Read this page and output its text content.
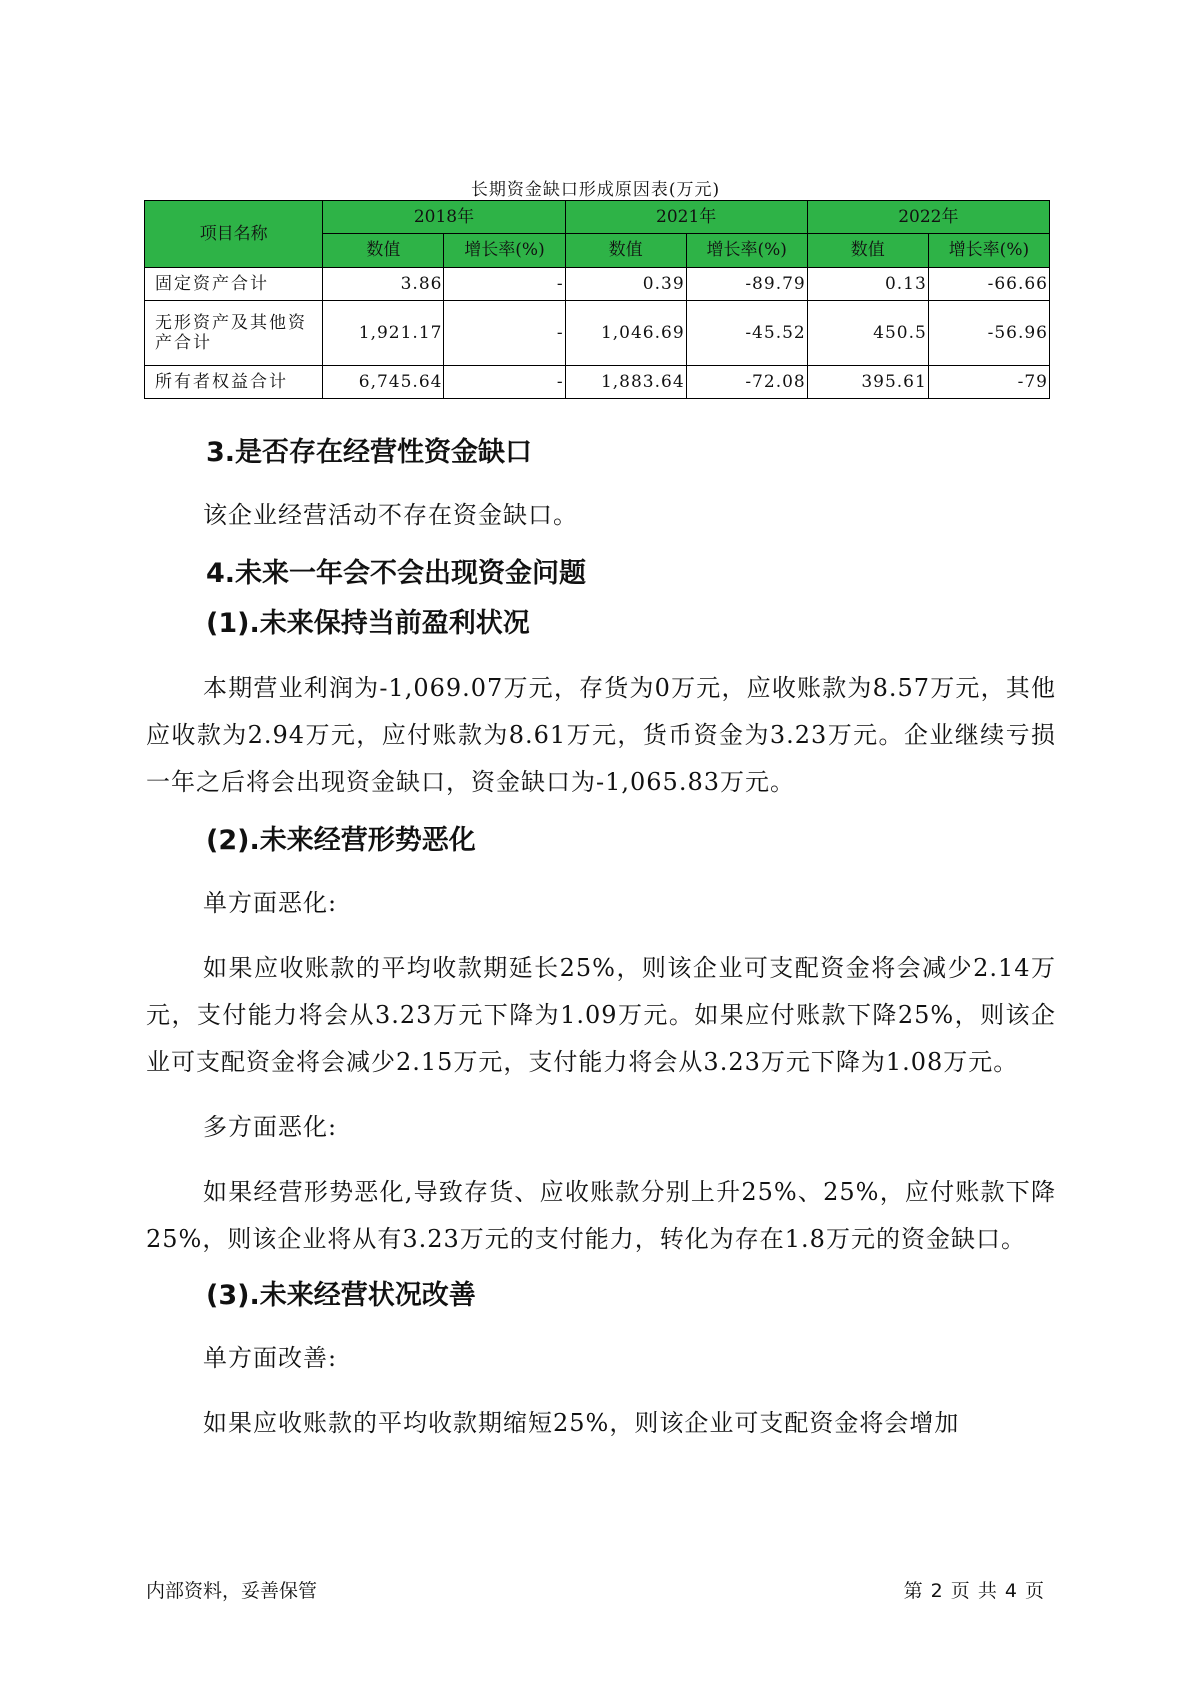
长期资金缺口形成原因表(万元)
项目名称	2018年		2021年		2022年	
	数值	增长率(%)	数值	增长率(%)	数值	增长率(%)
固定资产合计	3.86	-	0.39	-89.79	0.13	-66.66
无形资产及其他资产合计	1,921.17	-	1,046.69	-45.52	450.5	-56.96
所有者权益合计	6,745.64	-	1,883.64	-72.08	395.61	-79
3.是否存在经营性资金缺口

该企业经营活动不存在资金缺口。

4.未来一年会不会出现资金问题
(1).未来保持当前盈利状况

本期营业利润为-1,069.07万元，存货为0万元，应收账款为8.57万元，其他应收款为2.94万元，应付账款为8.61万元，货币资金为3.23万元。企业继续亏损一年之后将会出现资金缺口，资金缺口为-1,065.83万元。

(2).未来经营形势恶化

单方面恶化:

如果应收账款的平均收款期延长25%，则该企业可支配资金将会减少2.14万元，支付能力将会从3.23万元下降为1.09万元。如果应付账款下降25%，则该企业可支配资金将会减少2.15万元，支付能力将会从3.23万元下降为1.08万元。

多方面恶化:

如果经营形势恶化,导致存货、应收账款分别上升25%、25%，应付账款下降25%，则该企业将从有3.23万元的支付能力，转化为存在1.8万元的资金缺口。

(3).未来经营状况改善

单方面改善:

如果应收账款的平均收款期缩短25%，则该企业可支配资金将会增加

内部资料，妥善保管	第 2 页 共 4 页
